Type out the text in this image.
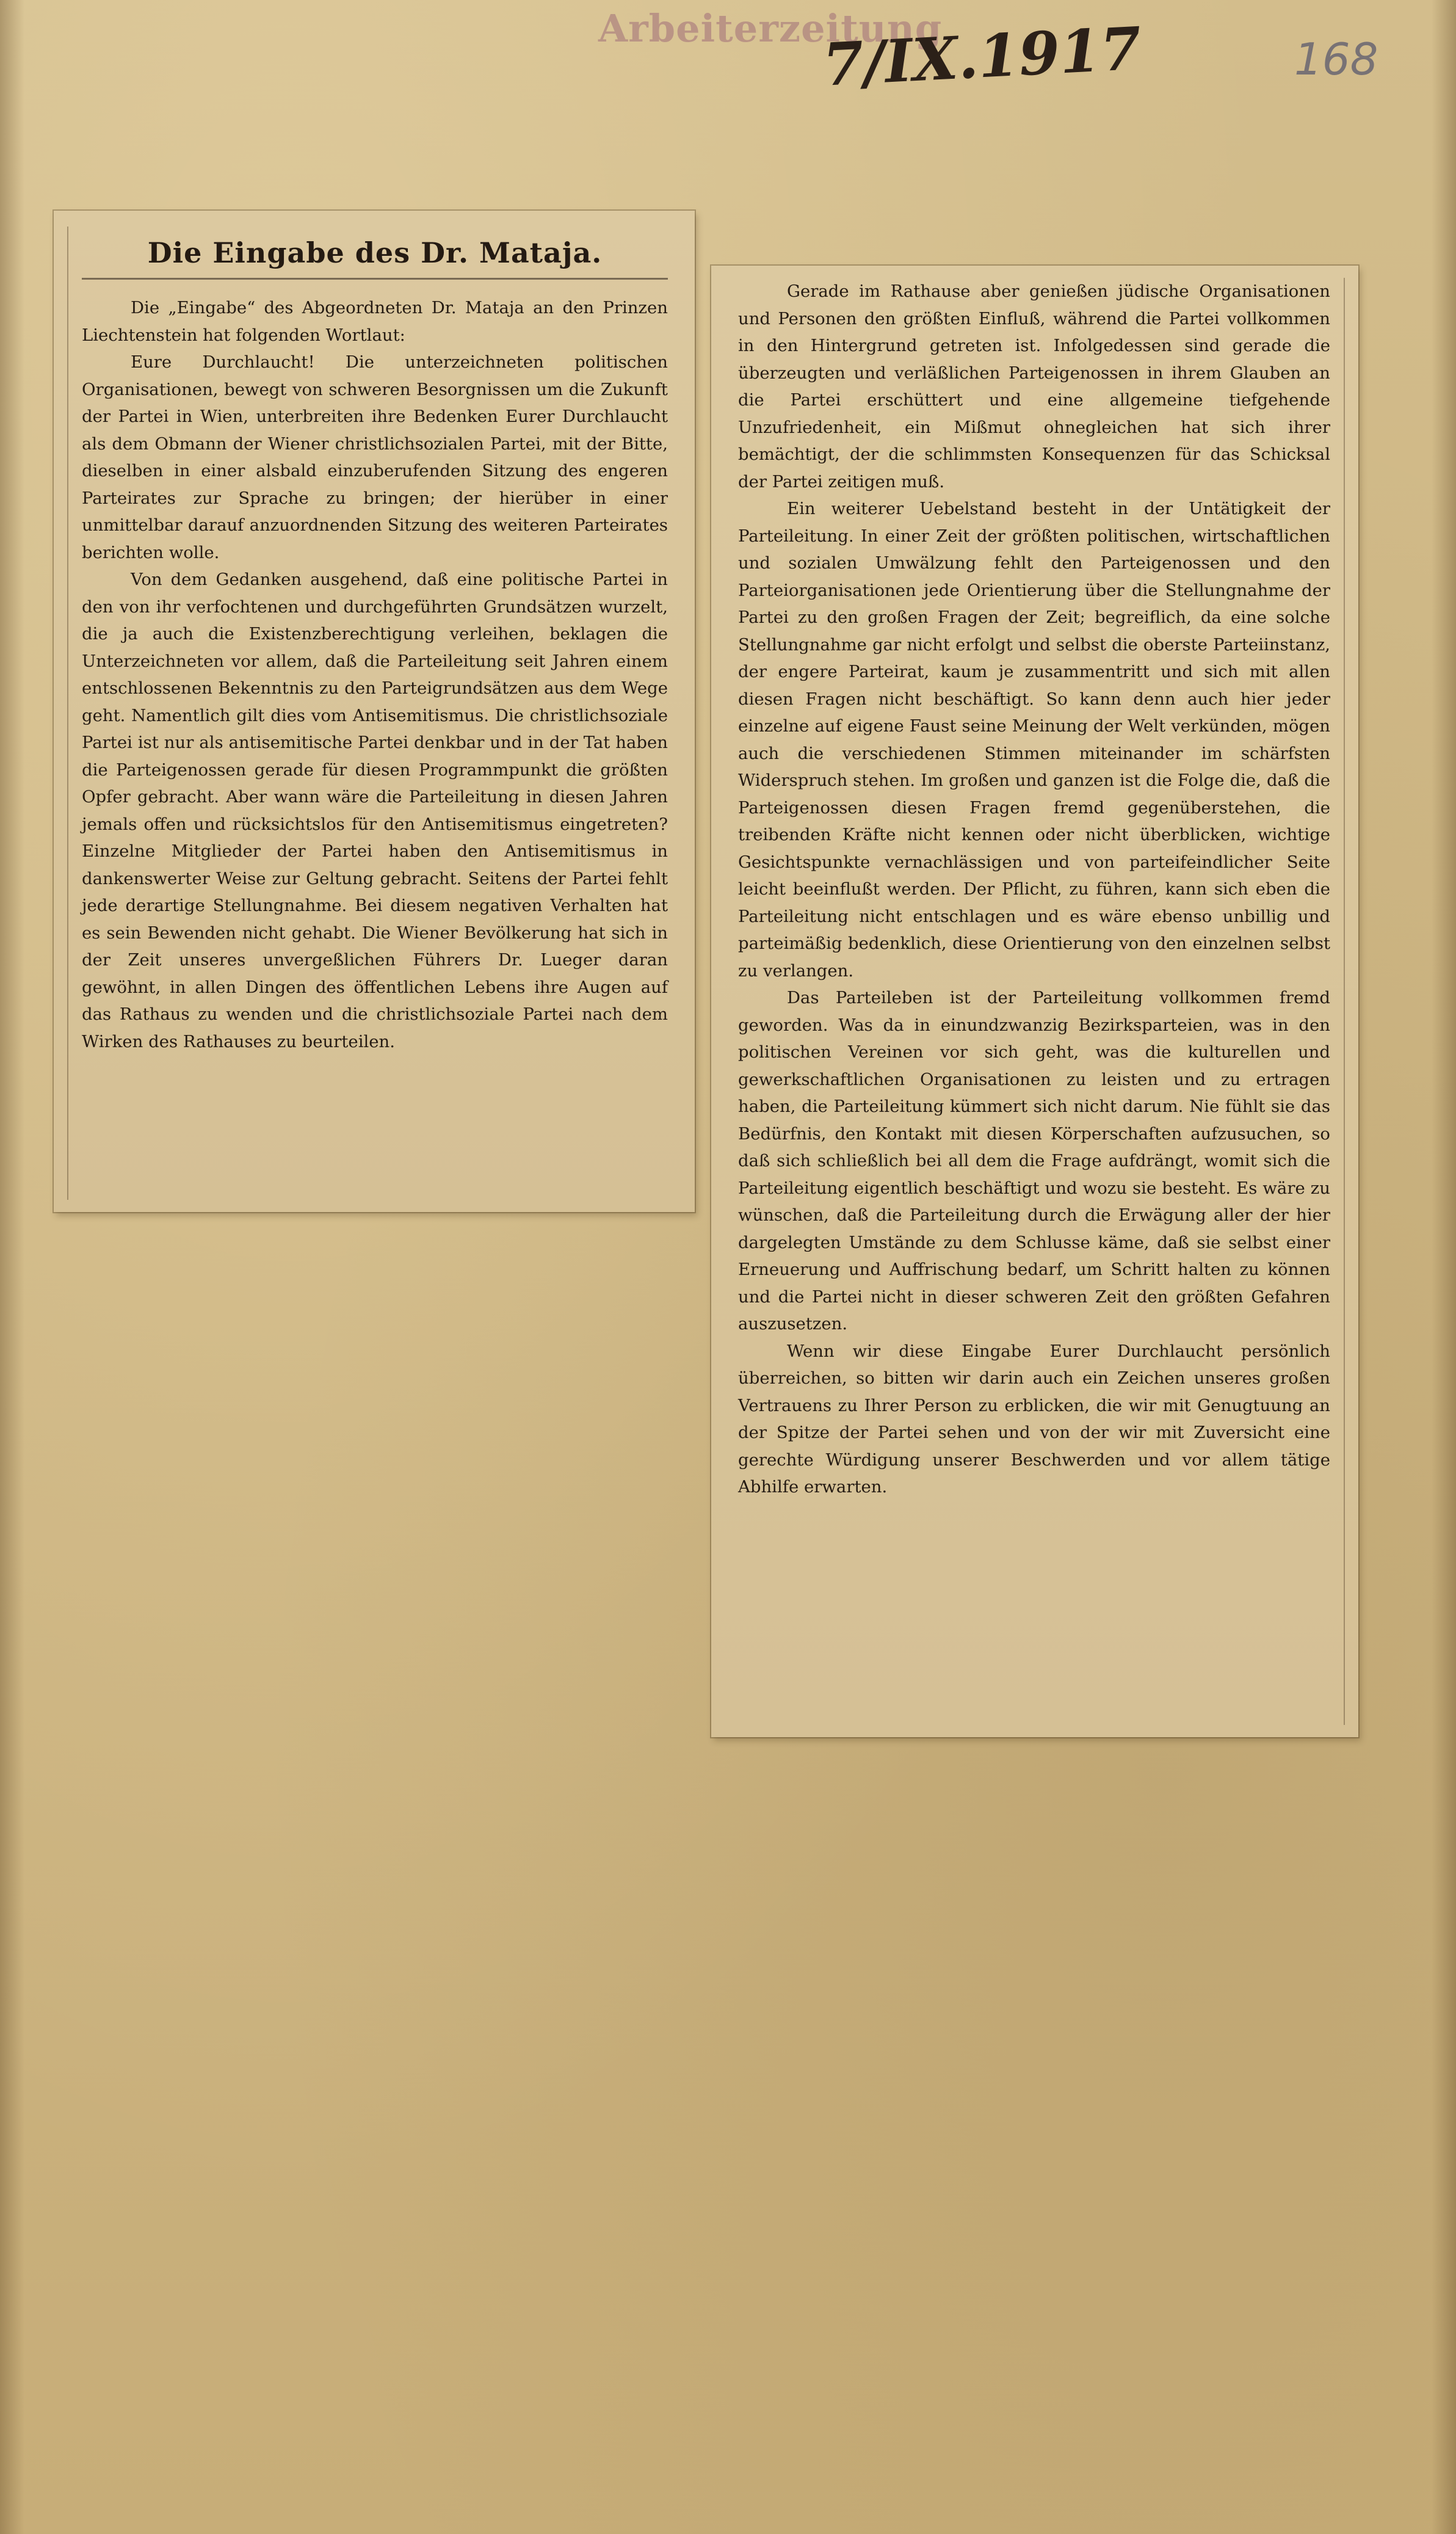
Arbeiterzeitung
7/IX.1917	168
Die Eingabe des Dr. Mataja.

Die „Eingabe“ des Abgeordneten Dr. Mataja an den Prinzen Liechtenstein hat folgenden Wortlaut:

Eure Durchlaucht! Die unterzeichneten politischen Organisationen, bewegt von schweren Besorgnissen um die Zukunft der Partei in Wien, unterbreiten ihre Bedenken Eurer Durchlaucht als dem Obmann der Wiener christlichsozialen Partei, mit der Bitte, dieselben in einer alsbald einzuberufenden Sitzung des engeren Parteirates zur Sprache zu bringen; der hierüber in einer unmittelbar darauf anzuordnenden Sitzung des weiteren Parteirates berichten wolle.

Von dem Gedanken ausgehend, daß eine politische Partei in den von ihr verfochtenen und durchgeführten Grundsätzen wurzelt, die ja auch die Existenzberechtigung verleihen, beklagen die Unterzeichneten vor allem, daß die Parteileitung seit Jahren einem entschlossenen Bekenntnis zu den Parteigrundsätzen aus dem Wege geht. Namentlich gilt dies vom Antisemitismus. Die christlichsoziale Partei ist nur als antisemitische Partei denkbar und in der Tat haben die Parteigenossen gerade für diesen Programmpunkt die größten Opfer gebracht. Aber wann wäre die Parteileitung in diesen Jahren jemals offen und rücksichtslos für den Antisemitismus eingetreten? Einzelne Mitglieder der Partei haben den Antisemitismus in dankenswerter Weise zur Geltung gebracht. Seitens der Partei fehlt jede derartige Stellungnahme. Bei diesem negativen Verhalten hat es sein Bewenden nicht gehabt. Die Wiener Bevölkerung hat sich in der Zeit unseres unvergeßlichen Führers Dr. Lueger daran gewöhnt, in allen Dingen des öffentlichen Lebens ihre Augen auf das Rathaus zu wenden und die christlichsoziale Partei nach dem Wirken des Rathauses zu beurteilen.

Gerade im Rathause aber genießen jüdische Organisationen und Personen den größten Einfluß, während die Partei vollkommen in den Hintergrund getreten ist. Infolgedessen sind gerade die überzeugten und verläßlichen Parteigenossen in ihrem Glauben an die Partei erschüttert und eine allgemeine tiefgehende Unzufriedenheit, ein Mißmut ohnegleichen hat sich ihrer bemächtigt, der die schlimmsten Konsequenzen für das Schicksal der Partei zeitigen muß.

Ein weiterer Uebelstand besteht in der Untätigkeit der Parteileitung. In einer Zeit der größten politischen, wirtschaftlichen und sozialen Umwälzung fehlt den Parteigenossen und den Parteiorganisationen jede Orientierung über die Stellungnahme der Partei zu den großen Fragen der Zeit; begreiflich, da eine solche Stellungnahme gar nicht erfolgt und selbst die oberste Parteiinstanz, der engere Parteirat, kaum je zusammentritt und sich mit allen diesen Fragen nicht beschäftigt. So kann denn auch hier jeder einzelne auf eigene Faust seine Meinung der Welt verkünden, mögen auch die verschiedenen Stimmen miteinander im schärfsten Widerspruch stehen. Im großen und ganzen ist die Folge die, daß die Parteigenossen diesen Fragen fremd gegenüberstehen, die treibenden Kräfte nicht kennen oder nicht überblicken, wichtige Gesichtspunkte vernachlässigen und von parteifeindlicher Seite leicht beeinflußt werden. Der Pflicht, zu führen, kann sich eben die Parteileitung nicht entschlagen und es wäre ebenso unbillig und parteimäßig bedenklich, diese Orientierung von den einzelnen selbst zu verlangen.

Das Parteileben ist der Parteileitung vollkommen fremd geworden. Was da in einundzwanzig Bezirksparteien, was in den politischen Vereinen vor sich geht, was die kulturellen und gewerkschaftlichen Organisationen zu leisten und zu ertragen haben, die Parteileitung kümmert sich nicht darum. Nie fühlt sie das Bedürfnis, den Kontakt mit diesen Körperschaften aufzusuchen, so daß sich schließlich bei all dem die Frage aufdrängt, womit sich die Parteileitung eigentlich beschäftigt und wozu sie besteht. Es wäre zu wünschen, daß die Parteileitung durch die Erwägung aller der hier dargelegten Umstände zu dem Schlusse käme, daß sie selbst einer Erneuerung und Auffrischung bedarf, um Schritt halten zu können und die Partei nicht in dieser schweren Zeit den größten Gefahren auszusetzen.

Wenn wir diese Eingabe Eurer Durchlaucht persönlich überreichen, so bitten wir darin auch ein Zeichen unseres großen Vertrauens zu Ihrer Person zu erblicken, die wir mit Genugtuung an der Spitze der Partei sehen und von der wir mit Zuversicht eine gerechte Würdigung unserer Beschwerden und vor allem tätige Abhilfe erwarten.
